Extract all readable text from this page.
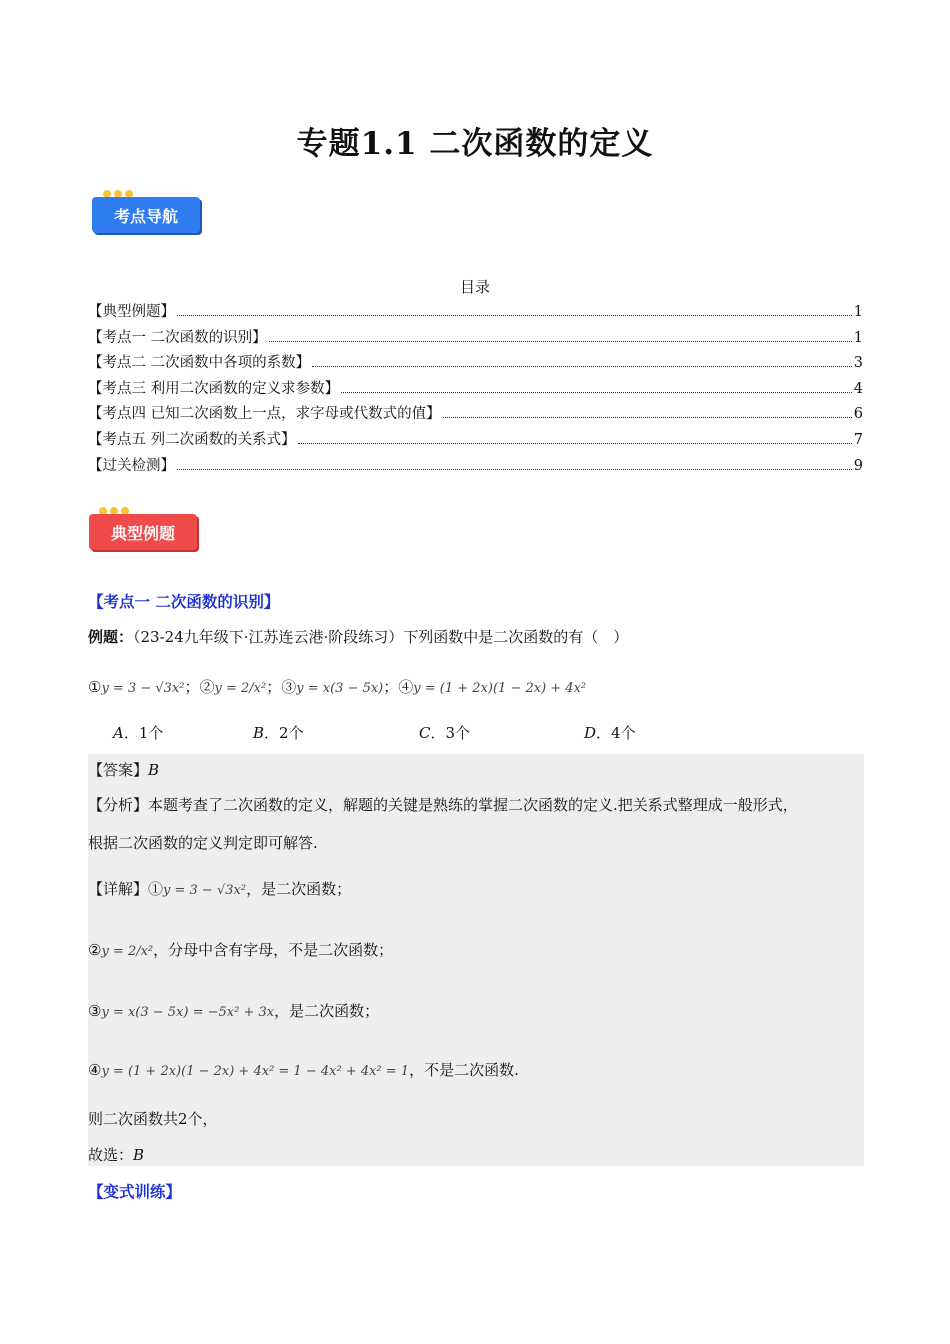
专题1.1 二次函数的定义
考点导航
目录
【典型例题】	1
【考点一 二次函数的识别】	1
【考点二 二次函数中各项的系数】	3
【考点三 利用二次函数的定义求参数】	4
【考点四 已知二次函数上一点，求字母或代数式的值】	6
【考点五 列二次函数的关系式】	7
【过关检测】	9
典型例题
【考点一 二次函数的识别】
例题：（23-24九年级下·江苏连云港·阶段练习）下列函数中是二次函数的有（　）
①y = 3 − √3x²；②y = 2/x²；③y = x(3 − 5x)；④y = (1 + 2x)(1 − 2x) + 4x²
A．1个	B．2个	C．3个	D．4个
【答案】B
【分析】本题考查了二次函数的定义，解题的关键是熟练的掌握二次函数的定义.把关系式整理成一般形式，
根据二次函数的定义判定即可解答.
【详解】①y = 3 − √3x²，是二次函数；
②y = 2/x²，分母中含有字母，不是二次函数；
③y = x(3 − 5x) = −5x² + 3x，是二次函数；
④y = (1 + 2x)(1 − 2x) + 4x² = 1 − 4x² + 4x² = 1，不是二次函数.
则二次函数共2个，
故选：B
【变式训练】
